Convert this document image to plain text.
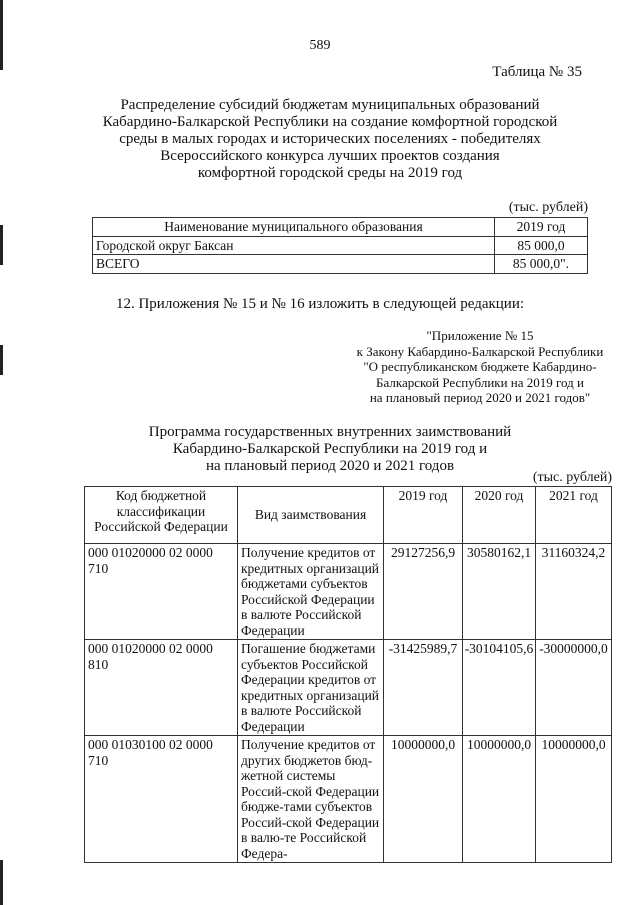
589
Таблица № 35
Распределение субсидий бюджетам муниципальных образований
Кабардино-Балкарской Республики на создание комфортной городской
среды в малых городах и исторических поселениях - победителях
Всероссийского конкурса лучших проектов создания
комфортной городской среды на 2019 год
(тыс. рублей)
Наименование муниципального образования	2019 год
Городской округ Баксан	85 000,0
ВСЕГО	85 000,0".
12. Приложения № 15 и № 16 изложить в следующей редакции:
"Приложение № 15
к Закону Кабардино-Балкарской Республики
"О республиканском бюджете Кабардино-
Балкарской Республики на 2019 год и
на плановый период 2020 и 2021 годов"
Программа государственных внутренних заимствований
Кабардино-Балкарской Республики на 2019 год и
на плановый период 2020 и 2021 годов
(тыс. рублей)
Код бюджетной классификации Российской Федерации	Вид заимствования	2019 год	2020 год	2021 год
000 01020000 02 0000 710	Получение кредитов от кредитных организаций бюджетами субъектов Российской Федерации в валюте Российской Федерации	29127256,9	30580162,1	31160324,2
000 01020000 02 0000 810	Погашение бюджетами субъектов Российской Федерации кредитов от кредитных организаций в валюте Российской Федерации	-31425989,7	-30104105,6	-30000000,0
000 01030100 02 0000 710	Получение кредитов от других бюджетов бюд-жетной системы Россий-ской Федерации бюдже-тами субъектов Россий-ской Федерации в валю-те Российской Федера-	10000000,0	10000000,0	10000000,0
